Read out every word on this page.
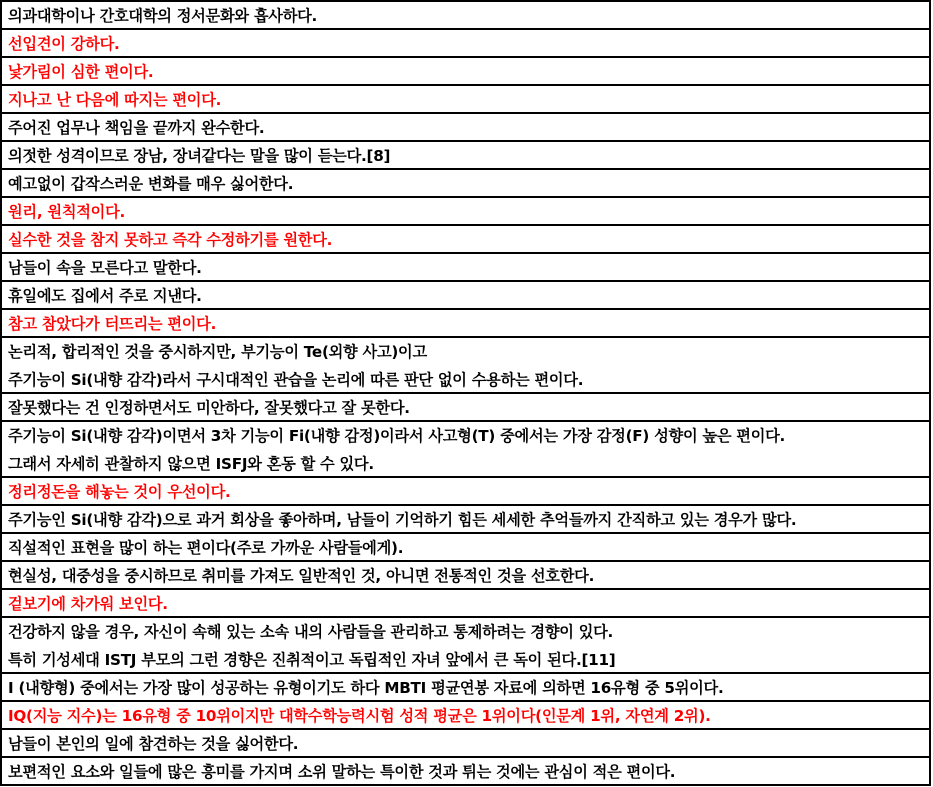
의과대학이나 간호대학의 정서문화와 흡사하다.
선입견이 강하다.
낯가림이 심한 편이다.
지나고 난 다음에 따지는 편이다.
주어진 업무나 책임을 끝까지 완수한다.
의젓한 성격이므로 장남, 장녀같다는 말을 많이 듣는다.[8]
예고없이 갑작스러운 변화를 매우 싫어한다.
원리, 원칙적이다.
실수한 것을 참지 못하고 즉각 수정하기를 원한다.
남들이 속을 모른다고 말한다.
휴일에도 집에서 주로 지낸다.
참고 참았다가 터뜨리는 편이다.
논리적, 합리적인 것을 중시하지만, 부기능이 Te(외향 사고)이고
주기능이 Si(내향 감각)라서 구시대적인 관습을 논리에 따른 판단 없이 수용하는 편이다.
잘못했다는 건 인정하면서도 미안하다, 잘못했다고 잘 못한다.
주기능이 Si(내향 감각)이면서 3차 기능이 Fi(내향 감정)이라서 사고형(T) 중에서는 가장 감정(F) 성향이 높은 편이다.
그래서 자세히 관찰하지 않으면 ISFJ와 혼동 할 수 있다.
정리정돈을 해놓는 것이 우선이다.
주기능인 Si(내향 감각)으로 과거 회상을 좋아하며, 남들이 기억하기 힘든 세세한 추억들까지 간직하고 있는 경우가 많다.
직설적인 표현을 많이 하는 편이다(주로 가까운 사람들에게).
현실성, 대중성을 중시하므로 취미를 가져도 일반적인 것, 아니면 전통적인 것을 선호한다.
겉보기에 차가워 보인다.
건강하지 않을 경우, 자신이 속해 있는 소속 내의 사람들을 관리하고 통제하려는 경향이 있다.
특히 기성세대 ISTJ 부모의 그런 경향은 진취적이고 독립적인 자녀 앞에서 큰 독이 된다.[11]
I (내향형) 중에서는 가장 많이 성공하는 유형이기도 하다 MBTI 평균연봉 자료에 의하면 16유형 중 5위이다.
IQ(지능 지수)는 16유형 중 10위이지만 대학수학능력시험 성적 평균은 1위이다(인문계 1위, 자연계 2위).
남들이 본인의 일에 참견하는 것을 싫어한다.
보편적인 요소와 일들에 많은 흥미를 가지며 소위 말하는 특이한 것과 튀는 것에는 관심이 적은 편이다.
